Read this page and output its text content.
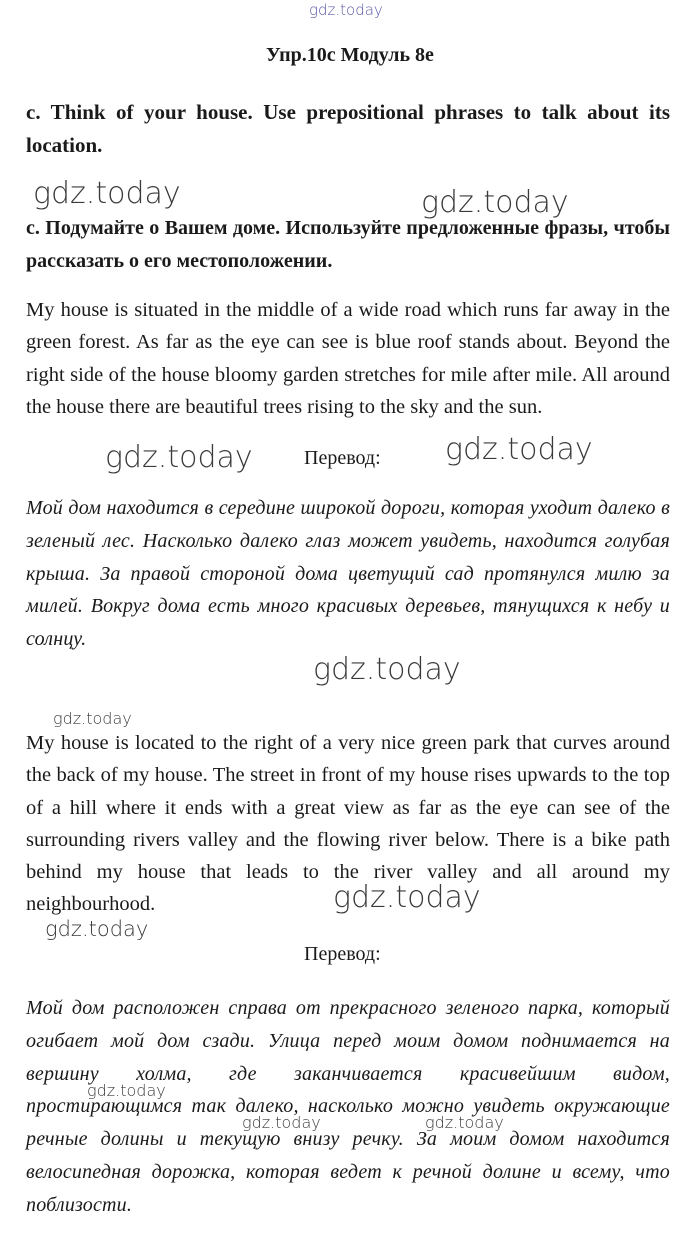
gdz.today
Упр.10с Модуль 8е

c. Think of your house. Use prepositional phrases to talk about its location.

gdz.today	gdz.today

c. Подумайте о Вашем доме. Используйте предложенные фразы, чтобы рассказать о его местоположении.

My house is situated in the middle of a wide road which runs far away in the green forest. As far as the eye can see is blue roof stands about. Beyond the right side of the house bloomy garden stretches for mile after mile. All around the house there are beautiful trees rising to the sky and the sun.

gdz.today	Перевод: gdz.today

Мой дом находится в середине широкой дороги, которая уходит далеко в зеленый лес. Насколько далеко глаз может увидеть, находится голубая крыша. За правой стороной дома цветущий сад протянулся милю за милей. Вокруг дома есть много красивых деревьев, тянущихся к небу и солнцу.

gdz.today
gdz.today

My house is located to the right of a very nice green park that curves around the back of my house. The street in front of my house rises upwards to the top of a hill where it ends with a great view as far as the eye can see of the surrounding rivers valley and the flowing river below. There is a bike path behind my house that leads to the river valley and all around my neighbourhood.	gdz.today
gdz.today
Перевод:

Мой дом расположен справа от прекрасного зеленого парка, который огибает мой дом сзади. Улица перед моим домом поднимается на вершину холма, где заканчивается красивейшим видом, простирающимся так далеко, насколько можно увидеть окружающие речные долины и текущую внизу речку. За моим домом находится велосипедная дорожка, которая ведет к речной долине и всему, что поблизости.

gdz.today
gdz.today	gdz.today
